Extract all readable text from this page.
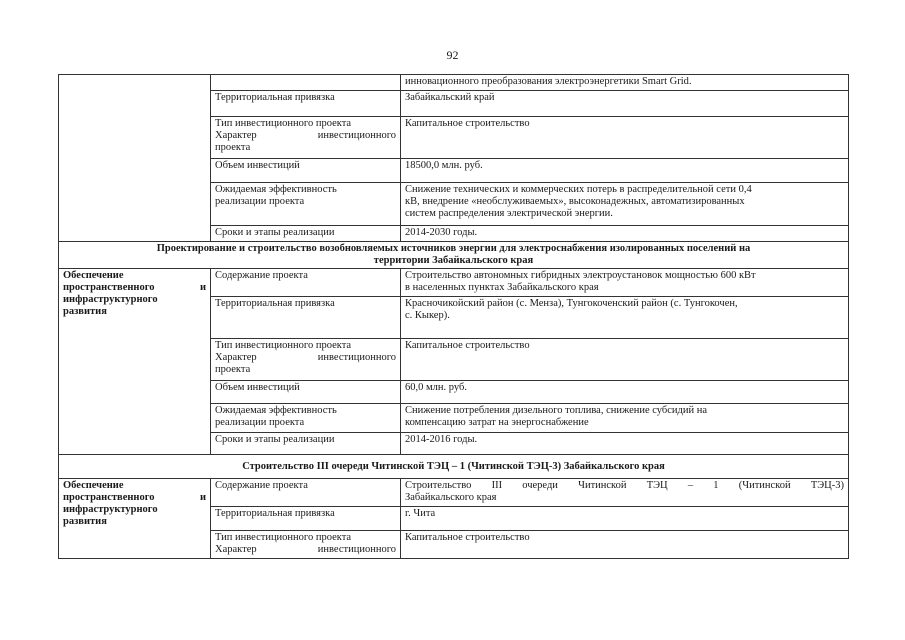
92
		инновационного преобразования электроэнергетики Smart Grid.
	Территориальная привязка	Забайкальский край

	Тип инвестиционного проекта
Характер инвестиционного
проекта	Капитальное строительство
	Объем инвестиций	18500,0 млн. руб.

	Ожидаемая эффективность
реализации проекта	Снижение технических и коммерческих потерь в распределительной сети 0,4
кВ, внедрение «необслуживаемых», высоконадежных, автоматизированных
систем распределения электрической энергии.

	Сроки и этапы реализации	2014-2030 годы.

Проектирование и строительство возобновляемых источников энергии для электроснабжения изолированных поселений на
территории Забайкальского края		

Обеспечение
пространственного и
инфраструктурного
развития	Содержание проекта	Строительство автономных гибридных электроустановок мощностью 600 кВт
в населенных пунктах Забайкальского края

	Территориальная привязка	Красночикойский район (с. Менза), Тунгокоченский район (с. Тунгокочен,
с. Кыкер).

	Тип инвестиционного проекта
Характер инвестиционного
проекта	Капитальное строительство
	Объем инвестиций	60,0 млн. руб.

	Ожидаемая эффективность
реализации проекта	Снижение потребления дизельного топлива, снижение субсидий на
компенсацию затрат на энергоснабжение

	Сроки и этапы реализации	2014-2016 годы.
Строительство III очереди Читинской ТЭЦ – 1 (Читинской ТЭЦ-3) Забайкальского края		

Обеспечение
пространственного и
инфраструктурного
развития	Содержание проекта	Строительство III очереди Читинской ТЭЦ – 1 (Читинской ТЭЦ-3)
Забайкальского края

	Территориальная привязка	г. Чита

	Тип инвестиционного проекта
Характер инвестиционного	Капитальное строительство
